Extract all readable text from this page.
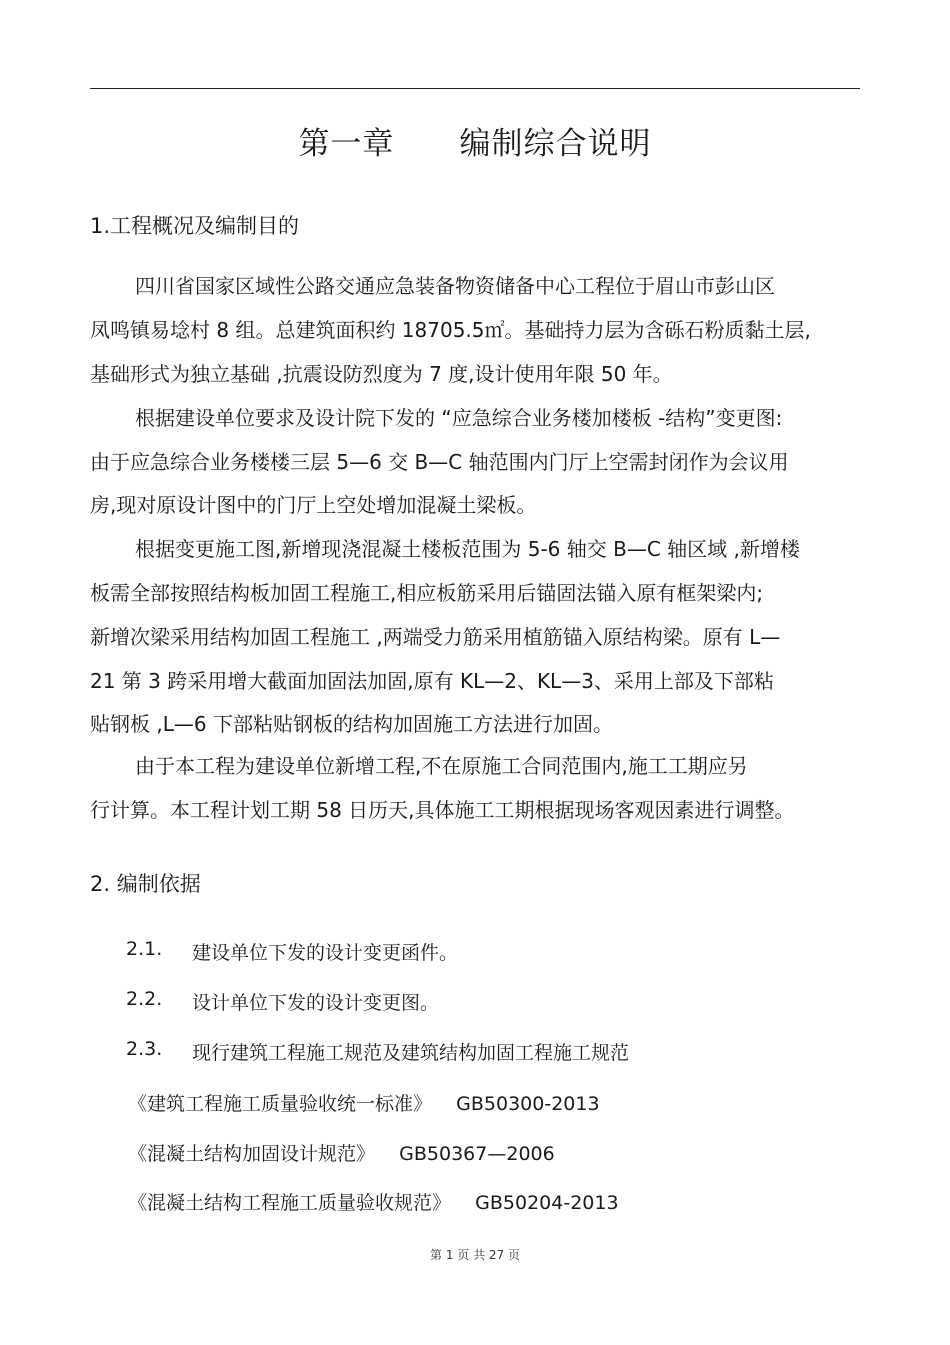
第一章      编制综合说明
1.工程概况及编制目的
四川省国家区域性公路交通应急装备物资储备中心工程位于眉山市彭山区
凤鸣镇易埝村 8 组。总建筑面积约 18705.5㎡。基础持力层为含砾石粉质黏土层,
基础形式为独立基础 ,抗震设防烈度为 7 度,设计使用年限 50 年。
根据建设单位要求及设计院下发的 “应急综合业务楼加楼板 -结构”变更图:
由于应急综合业务楼楼三层 5—6 交 B—C 轴范围内门厅上空需封闭作为会议用
房,现对原设计图中的门厅上空处增加混凝土梁板。
根据变更施工图,新增现浇混凝土楼板范围为 5-6 轴交 B—C 轴区域 ,新增楼
板需全部按照结构板加固工程施工,相应板筋采用后锚固法锚入原有框架梁内;
新增次梁采用结构加固工程施工 ,两端受力筋采用植筋锚入原结构梁。原有 L—
21 第 3 跨采用增大截面加固法加固,原有 KL—2、KL—3、采用上部及下部粘
贴钢板 ,L—6 下部粘贴钢板的结构加固施工方法进行加固。
由于本工程为建设单位新增工程,不在原施工合同范围内,施工工期应另
行计算。本工程计划工期 58 日历天,具体施工工期根据现场客观因素进行调整。
2. 编制依据
2.1. 建设单位下发的设计变更函件。
2.2. 设计单位下发的设计变更图。
2.3. 现行建筑工程施工规范及建筑结构加固工程施工规范
《建筑工程施工质量验收统一标准》    GB50300-2013
《混凝土结构加固设计规范》    GB50367—2006
《混凝土结构工程施工质量验收规范》    GB50204-2013
第 1 页 共 27 页
